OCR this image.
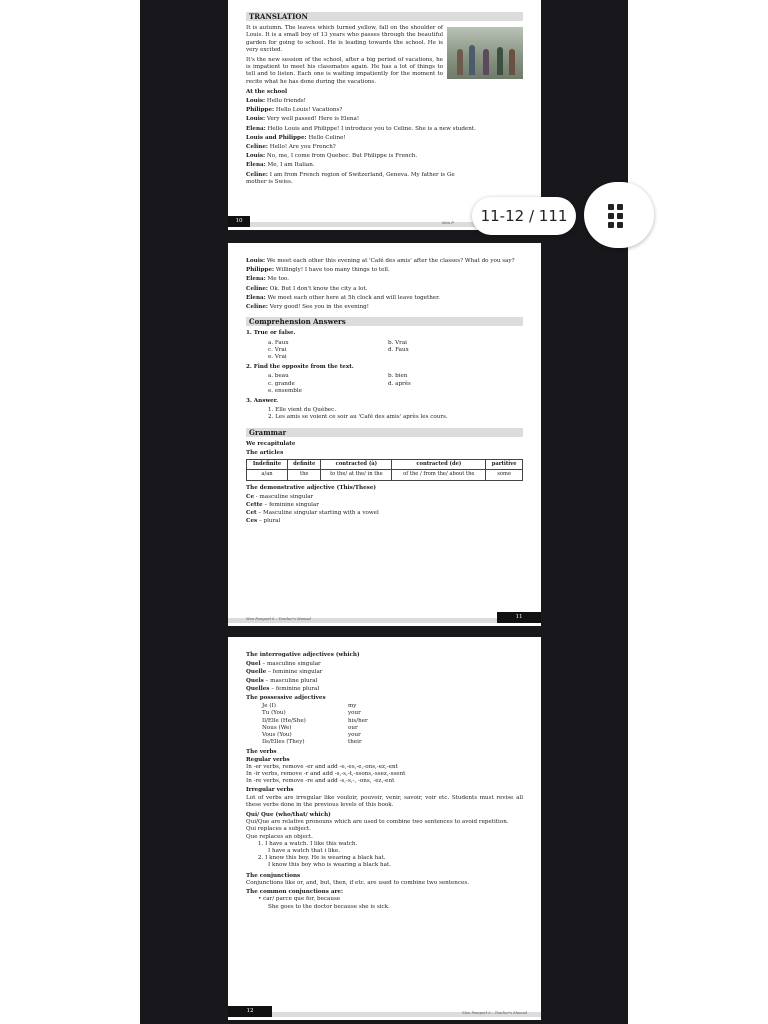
TRANSLATION

It is autumn. The leaves which turned yellow, fall on the shoulder of Louis. It is a small boy of 13 years who passes through the beautiful garden for going to school. He is leading towards the school. He is very excited.

It's the new session of the school, after a big period of vacations, he is impatient to meet his classmates again. He has a lot of things to tell and to listen. Each one is waiting impatiently for the moment to recite what he has done during the vacations.

At the school
Louis: Hello friends!
Philippe: Hello Louis! Vacations?
Louis: Very well passed! Here is Elena!
Elena: Hello Louis and Philippe! I introduce you to Celine. She is a new student.
Louis and Philippe: Hello Celine!
Celine: Hello! Are you French?
Louis: No, me, I come from Quebec. But Philippe is French.
Elena: Me, I am Italian.
Celine: I am from French region of Switzerland, Geneva. My father is Ge
mother is Swiss.
10	Mon P
Louis: We meet each other this evening at 'Café des amis' after the classes? What do you say?
Philippe: Willingly! I have too many things to tell.
Elena: Me too.
Celine: Ok. But I don't know the city a lot.
Elena: We meet each other here at 5h clock and will leave together.
Celine: Very good! See you in the evening!
Comprehension Answers
1. True or false.
a. Faux	b. Vrai
c. Vrai	d. Faux
e. Vrai
2. Find the opposite from the text.
a. beau	b. bien
c. grande	d. après
e. ensemble
3. Answer.
1. Elle vient du Québec.
2. Les amis se voient ce soir au 'Café des amis' après les cours.
Grammar
We recapitulate
The articles
Indefinite	definite	contracted (à)	contracted (de)	partitive
a/an	the	to the/ at the/ in the	of the / from the/ about the	some
The demonstrative adjective (This/These)
Ce - masculine singular
Cette – feminine singular
Cet – Masculine singular starting with a vowel
Ces – plural
Mon Passport 6 – Teacher's Manual	11
The interrogative adjectives (which)
Quel – masculine singular
Quelle – feminine singular
Quels – masculine plural
Quelles – feminine plural
The possessive adjectives
Je (I)	my
Tu (You)	your
Il/Elle (He/She)	his/her
Nous (We)	our
Vous (You)	your
Ils/Elles (They)	their
The verbs
Regular verbs
In -er verbs, remove -er and add -e,-es,-e,-ons,-ez,-ent
In -ir verbs, remove -r and add -s,-s,-t,-ssons,-ssez,-ssent
In -re verbs, remove -re and add -s,-s,-, -ons, -ez,-ent
Irregular verbs

Lot of verbs are irregular like vouloir, pouvoir, venir, savoir, voir etc. Students must revise all these verbs done in the previous levels of this book.

Qui/ Que (who/that/ which)

Qui/Que are relative pronouns which are used to combine two sentences to avoid repetition.

Qui replaces a subject.
Que replaces an object.
1. I have a watch. I like this watch.
I have a watch that i like.
2. I know this boy. He is wearing a black hat.
I know this boy who is wearing a black hat.
The conjunctions
Conjunctions like or, and, but, then, if etc. are used to combine two sentences.
The common conjunctions are:
• car/ parce que for, because
She goes to the doctor because she is sick.
12	Mon Passport 6 – Teacher's Manual
11-12 / 111
